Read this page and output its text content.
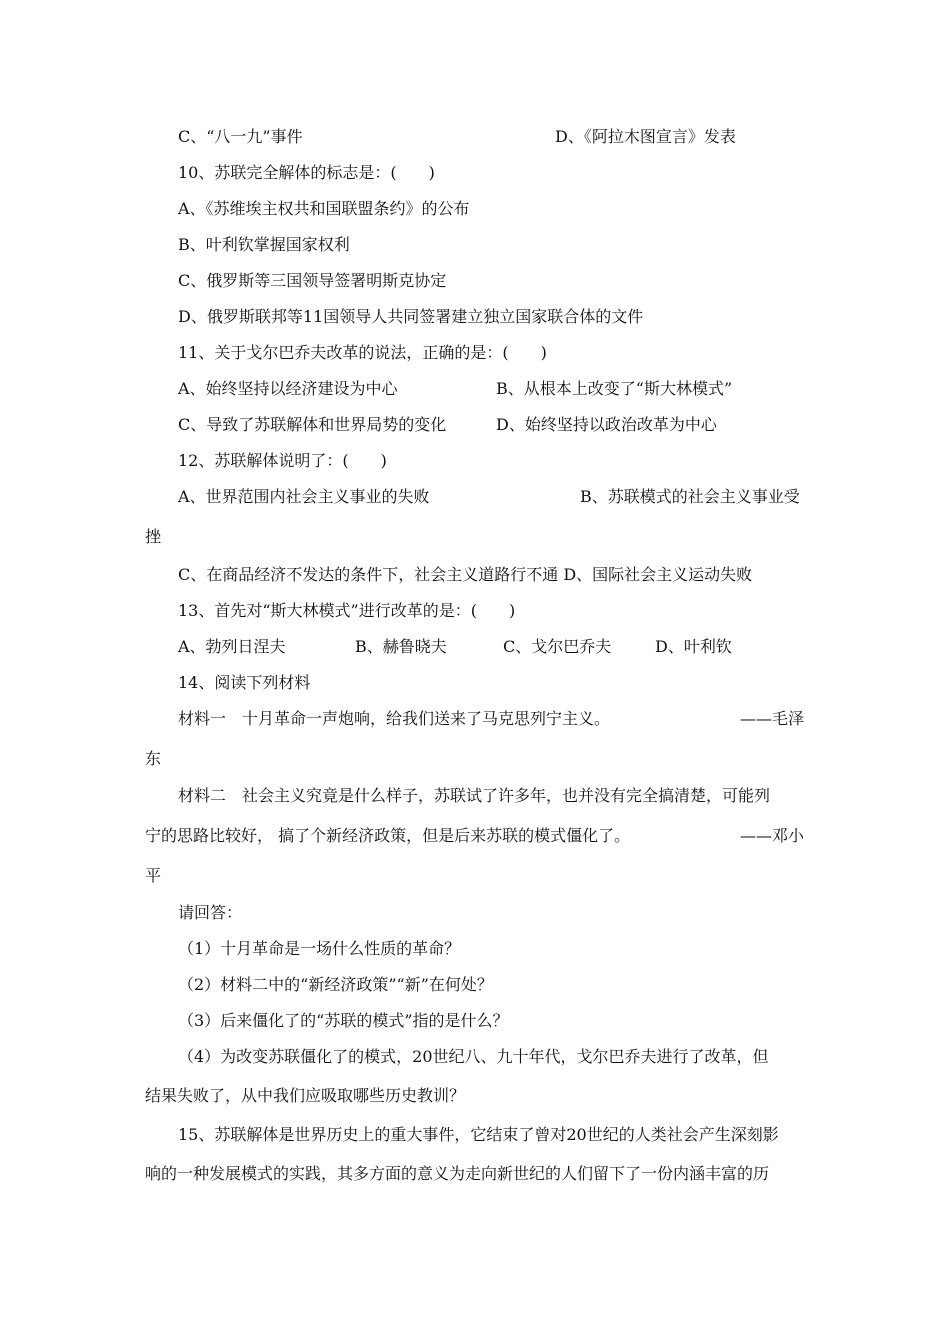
C、“八一九”事件	D、《阿拉木图宣言》发表
10、苏联完全解体的标志是：(　　)
A、《苏维埃主权共和国联盟条约》的公布
B、叶利钦掌握国家权利
C、俄罗斯等三国领导签署明斯克协定
D、俄罗斯联邦等11国领导人共同签署建立独立国家联合体的文件
11、关于戈尔巴乔夫改革的说法，正确的是：(　　)
A、始终坚持以经济建设为中心	B、从根本上改变了“斯大林模式”
C、导致了苏联解体和世界局势的变化	D、始终坚持以政治改革为中心
12、苏联解体说明了：(　　)
A、世界范围内社会主义事业的失败	B、苏联模式的社会主义事业受
挫
C、在商品经济不发达的条件下，社会主义道路行不通 D、国际社会主义运动失败
13、首先对“斯大林模式”进行改革的是：(　　)
A、勃列日涅夫	B、赫鲁晓夫	C、戈尔巴乔夫	D、叶利钦
14、阅读下列材料
材料一　十月革命一声炮响，给我们送来了马克思列宁主义。	——毛泽
东
材料二　社会主义究竟是什么样子，苏联试了许多年，也并没有完全搞清楚，可能列
宁的思路比较好， 搞了个新经济政策，但是后来苏联的模式僵化了。	——邓小
平
请回答：
（1）十月革命是一场什么性质的革命？
（2）材料二中的“新经济政策”“新”在何处？
（3）后来僵化了的“苏联的模式”指的是什么？
（4）为改变苏联僵化了的模式，20世纪八、九十年代，戈尔巴乔夫进行了改革，但
结果失败了，从中我们应吸取哪些历史教训？
15、苏联解体是世界历史上的重大事件，它结束了曾对20世纪的人类社会产生深刻影
响的一种发展模式的实践，其多方面的意义为走向新世纪的人们留下了一份内涵丰富的历
